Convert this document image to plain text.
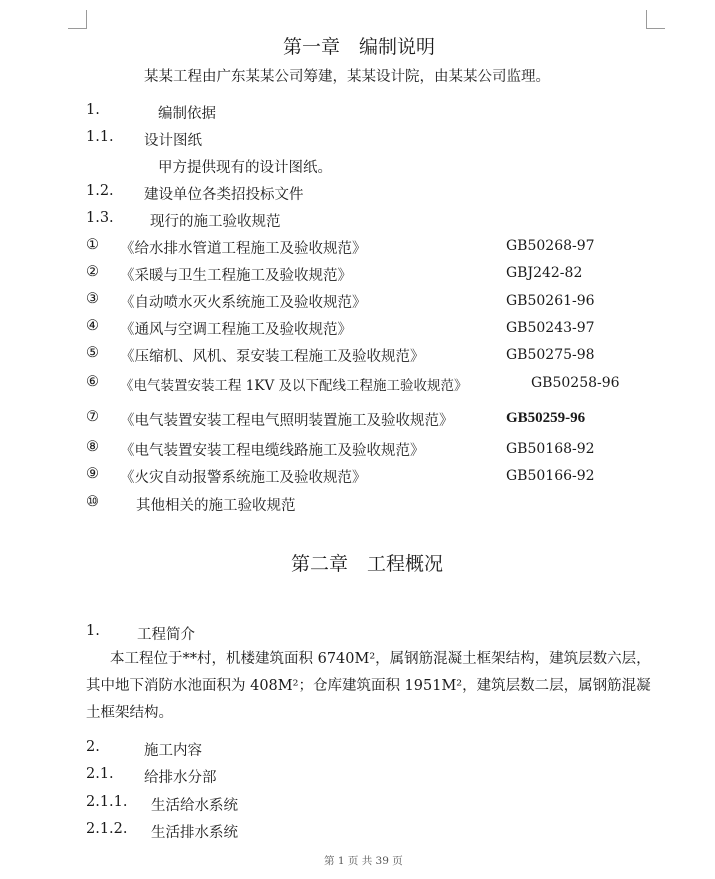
第一章　编制说明
某某工程由广东某某公司筹建，某某设计院，由某某公司监理。
1.	编制依据
1.1. 设计图纸
甲方提供现有的设计图纸。
1.2. 建设单位各类招投标文件
1.3.	现行的施工验收规范
① 《给水排水管道工程施工及验收规范》	GB50268-97
② 《采暖与卫生工程施工及验收规范》	GBJ242-82
③ 《自动喷水灭火系统施工及验收规范》	GB50261-96
④ 《通风与空调工程施工及验收规范》	GB50243-97
⑤ 《压缩机、风机、泵安装工程施工及验收规范》	GB50275-98
⑥ 《电气装置安装工程 1KV 及以下配线工程施工验收规范》	GB50258-96
⑦ 《电气装置安装工程电气照明装置施工及验收规范》	GB50259-96
⑧ 《电气装置安装工程电缆线路施工及验收规范》	GB50168-92
⑨ 《火灾自动报警系统施工及验收规范》	GB50166-92
⑩	其他相关的施工验收规范
第二章　工程概况
1.	工程简介
本工程位于**村，机楼建筑面积 6740M²，属钢筋混凝土框架结构，建筑层数六层，其中地下消防水池面积为 408M²；仓库建筑面积 1951M²，建筑层数二层，属钢筋混凝土框架结构。
2.	施工内容
2.1. 给排水分部
2.1.1. 生活给水系统
2.1.2. 生活排水系统
第 1 页 共 39 页
